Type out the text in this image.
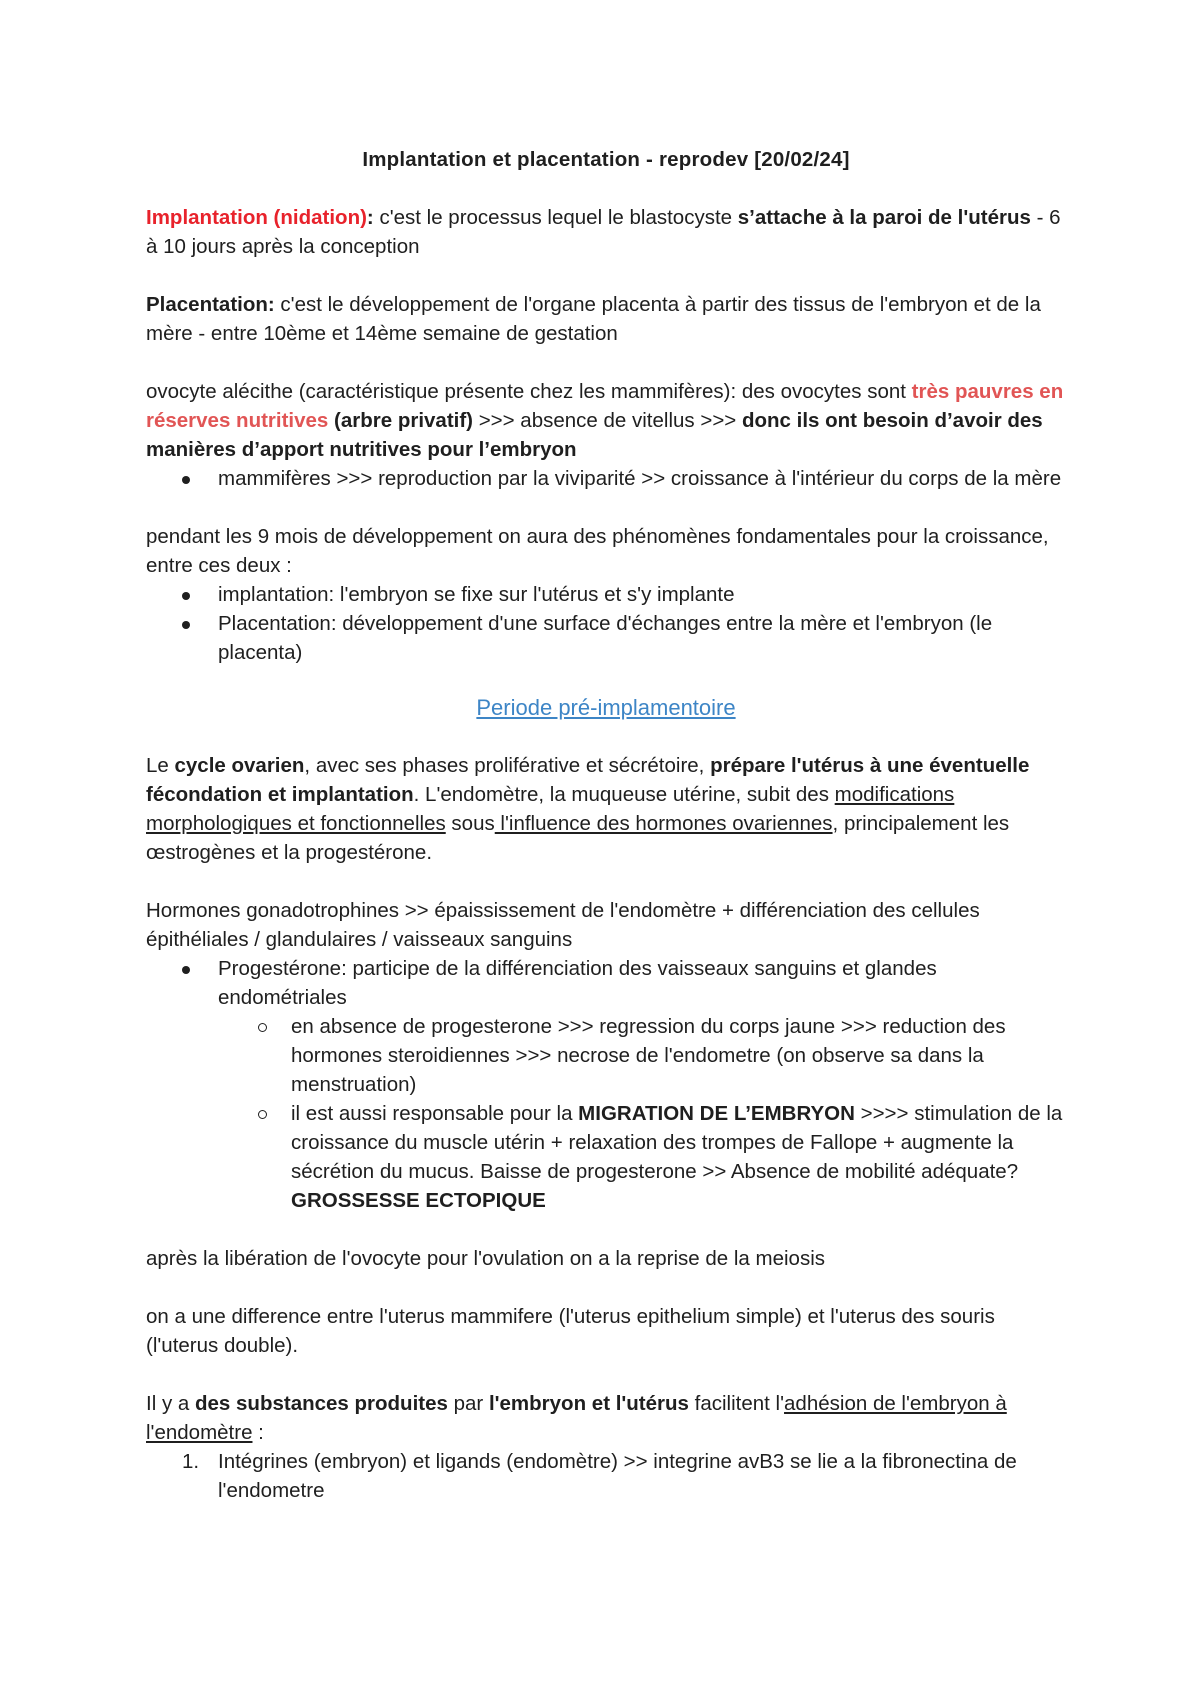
Implantation et placentation - reprodev [20/02/24]

Implantation (nidation): c'est le processus lequel le blastocyste s’attache à la paroi de l'utérus - 6 à 10 jours après la conception

Placentation: c'est le développement de l'organe placenta à partir des tissus de l'embryon et de la mère - entre 10ème et 14ème semaine de gestation

ovocyte alécithe (caractéristique présente chez les mammifères): des ovocytes sont très pauvres en réserves nutritives (arbre privatif) >>> absence de vitellus >>> donc ils ont besoin d’avoir des manières d’apport nutritives pour l’embryon

mammifères >>> reproduction par la viviparité >> croissance à l'intérieur du corps de la mère

pendant les 9 mois de développement on aura des phénomènes fondamentales pour la croissance, entre ces deux :

implantation: l'embryon se fixe sur l'utérus et s'y implante
Placentation: développement d'une surface d'échanges entre la mère et l'embryon (le placenta)

Periode pré-implamentoire

Le cycle ovarien, avec ses phases proliférative et sécrétoire, prépare l'utérus à une éventuelle fécondation et implantation. L'endomètre, la muqueuse utérine, subit des modifications morphologiques et fonctionnelles sous l'influence des hormones ovariennes, principalement les œstrogènes et la progestérone.

Hormones gonadotrophines >> épaississement de l'endomètre + différenciation des cellules épithéliales / glandulaires / vaisseaux sanguins

Progestérone: participe de la différenciation des vaisseaux sanguins et glandes endométriales
en absence de progesterone >>> regression du corps jaune >>> reduction des hormones steroidiennes >>> necrose de l'endometre (on observe sa dans la menstruation)
il est aussi responsable pour la MIGRATION DE L’EMBRYON >>>> stimulation de la croissance du muscle utérin + relaxation des trompes de Fallope + augmente la sécrétion du mucus. Baisse de progesterone >> Absence de mobilité adéquate? GROSSESSE ECTOPIQUE

après la libération de l'ovocyte pour l'ovulation on a la reprise de la meiosis

on a une difference entre l'uterus mammifere (l'uterus epithelium simple) et l'uterus des souris (l'uterus double).

Il y a des substances produites par l'embryon et l'utérus facilitent l'adhésion de l'embryon à l'endomètre :

1. Intégrines (embryon) et ligands (endomètre) >> integrine avB3 se lie a la fibronectina de l'endometre
